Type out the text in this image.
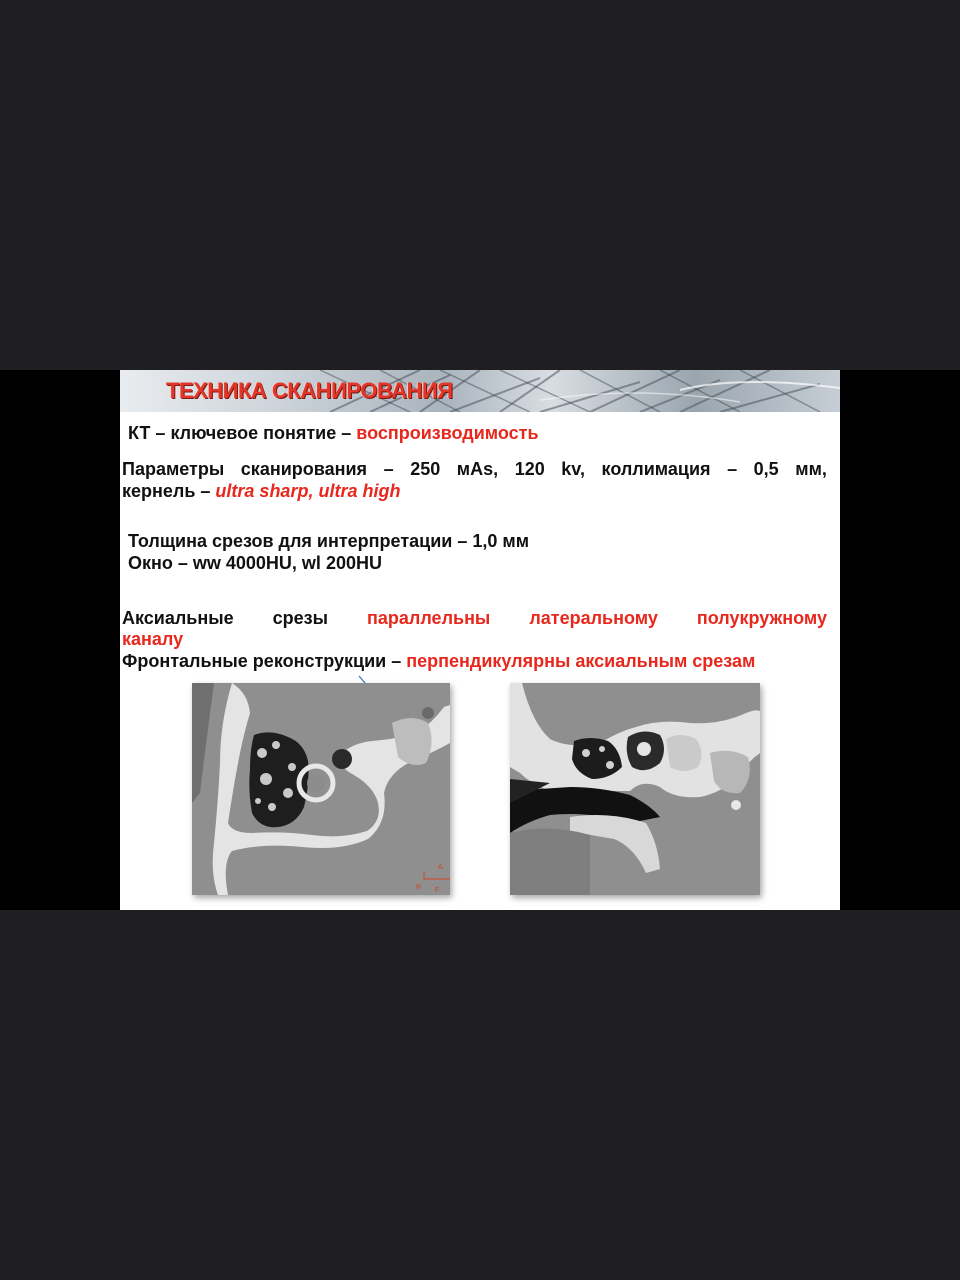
ТЕХНИКА СКАНИРОВАНИЯ
КТ – ключевое понятие – воспроизводимость
Параметры сканирования – 250 мAs, 120 kv, коллимация – 0,5 мм,
кернель – ultra sharp, ultra high
Толщина срезов для интерпретации – 1,0 мм
Окно – ww 4000HU, wl 200HU
Аксиальные срезы параллельны латеральному полукружному
каналу
Фронтальные реконструкции – перпендикулярны аксиальным срезам
A
R F
